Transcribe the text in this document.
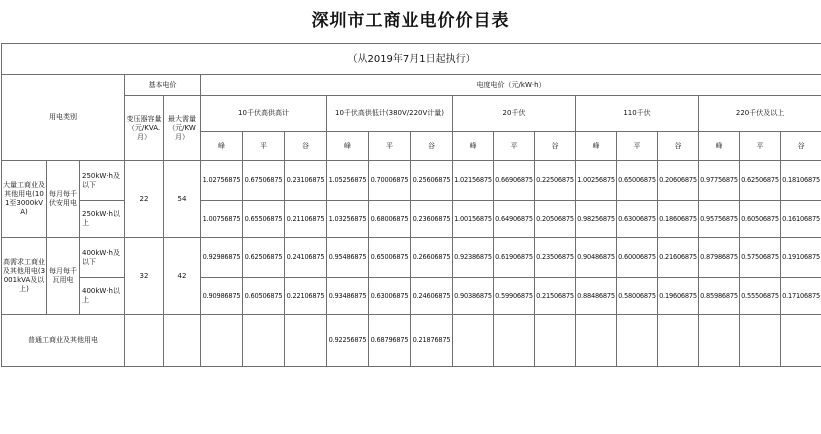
深圳市工商业电价价目表
（从2019年7月1日起执行）																			
用电类别			基本电价		电度电价（元/kW·h）														
			变压器容量（元/KVA.月）	最大需量（元/KW月）	10千伏高供高计			10千伏高供低计(380V/220V计量)			20千伏			110千伏			220千伏及以上		
					峰	平	谷	峰	平	谷	峰	平	谷	峰	平	谷	峰	平	谷
大量工商业及其他用电(101至3000kVA)	每月每千伏安用电	250kW·h及以下	22	54	1.02756875	0.67506875	0.23106875	1.05256875	0.70006875	0.25606875	1.02156875	0.66906875	0.22506875	1.00256875	0.65006875	0.20606875	0.97756875	0.62506875	0.18106875
		250kW·h以上			1.00756875	0.65506875	0.21106875	1.03256875	0.68006875	0.23606875	1.00156875	0.64906875	0.20506875	0.98256875	0.63006875	0.18606875	0.95756875	0.60506875	0.16106875
高需求工商业及其他用电(3001kVA及以上)	每月每千瓦用电	400kW·h及以下	32	42	0.92986875	0.62506875	0.24106875	0.95486875	0.65006875	0.26606875	0.92386875	0.61906875	0.23506875	0.90486875	0.60006875	0.21606875	0.87986875	0.57506875	0.19106875
		400kW·h以上			0.90986875	0.60506875	0.22106875	0.93486875	0.63006875	0.24606875	0.90386875	0.59906875	0.21506875	0.88486875	0.58006875	0.19606875	0.85986875	0.55506875	0.17106875
普通工商业及其他用电								0.92256875	0.68796875	0.21876875									
